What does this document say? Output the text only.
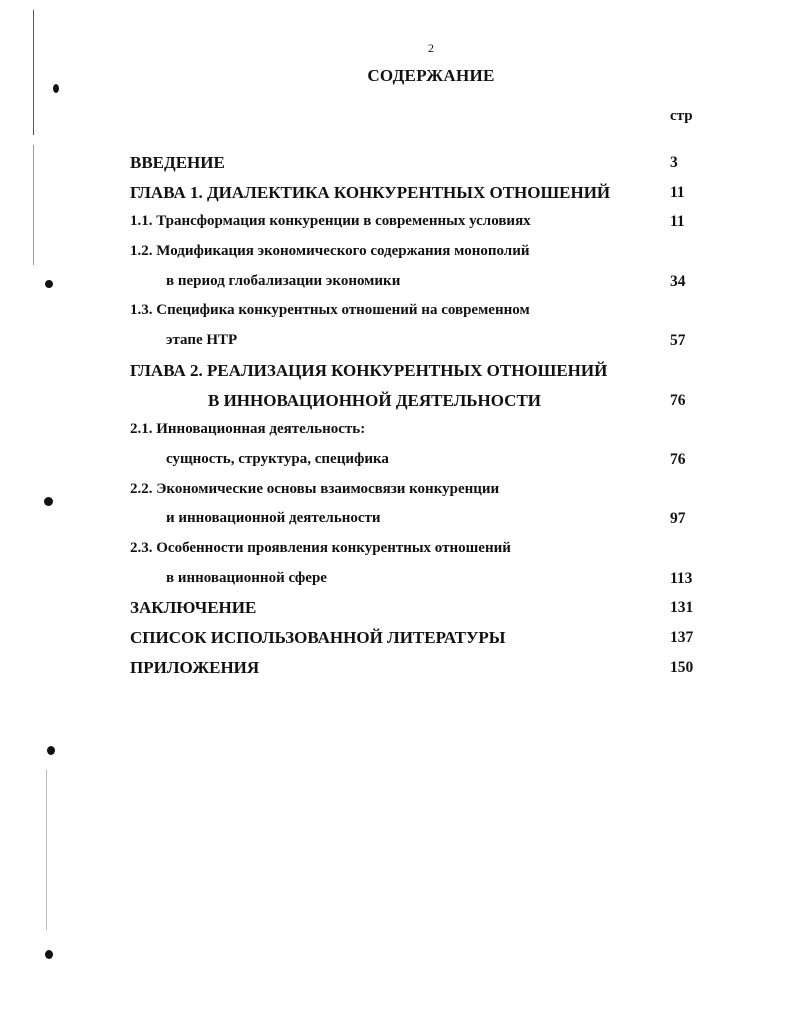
2
СОДЕРЖАНИЕ
стр
ВВЕДЕНИЕ	3
ГЛАВА 1. ДИАЛЕКТИКА КОНКУРЕНТНЫХ ОТНОШЕНИЙ	11
1.1. Трансформация конкуренции в современных условиях	11
1.2. Модификация экономического содержания монополий
в период глобализации экономики	34
1.3. Специфика конкурентных отношений на современном
этапе НТР	57
ГЛАВА 2. РЕАЛИЗАЦИЯ КОНКУРЕНТНЫХ ОТНОШЕНИЙ
В ИННОВАЦИОННОЙ ДЕЯТЕЛЬНОСТИ	76
2.1. Инновационная деятельность:
сущность, структура, специфика	76
2.2. Экономические основы взаимосвязи конкуренции
и инновационной деятельности	97
2.3. Особенности проявления конкурентных отношений
в инновационной сфере	113
ЗАКЛЮЧЕНИЕ	131
СПИСОК ИСПОЛЬЗОВАННОЙ ЛИТЕРАТУРЫ	137
ПРИЛОЖЕНИЯ	150
